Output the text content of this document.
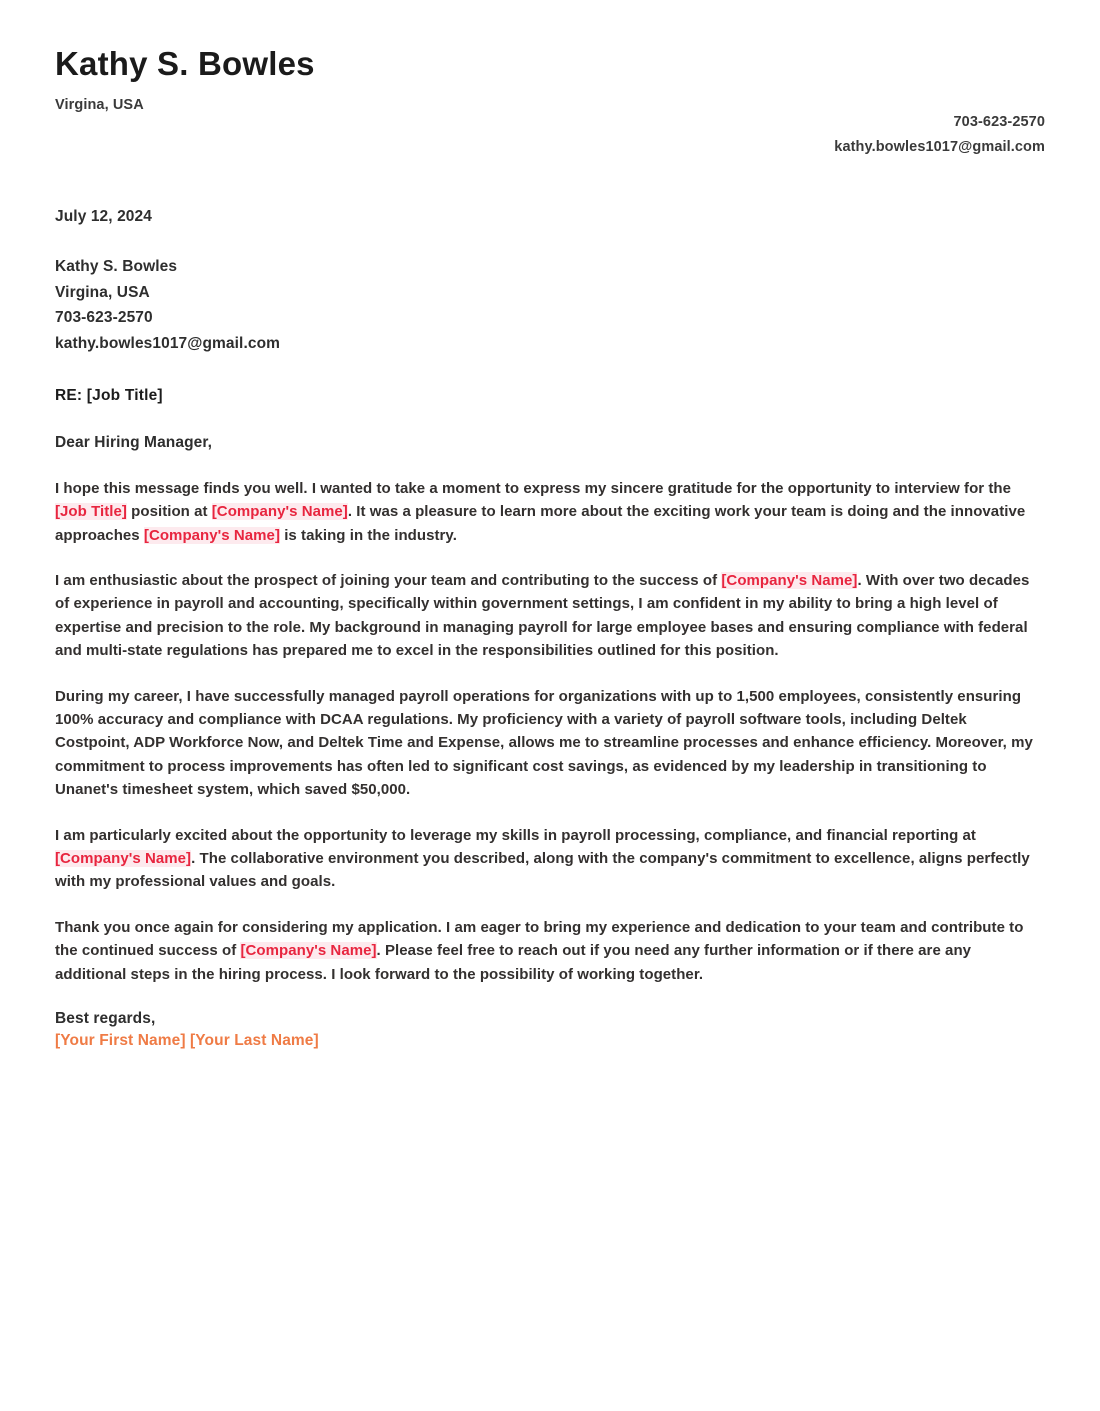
Kathy S. Bowles
Virgina, USA
703-623-2570
kathy.bowles1017@gmail.com
July 12, 2024
Kathy S. Bowles
Virgina, USA
703-623-2570
kathy.bowles1017@gmail.com
RE: [Job Title]
Dear Hiring Manager,

I hope this message finds you well. I wanted to take a moment to express my sincere gratitude for the opportunity to interview for the [Job Title] position at [Company's Name]. It was a pleasure to learn more about the exciting work your team is doing and the innovative approaches [Company's Name] is taking in the industry.

I am enthusiastic about the prospect of joining your team and contributing to the success of [Company's Name]. With over two decades of experience in payroll and accounting, specifically within government settings, I am confident in my ability to bring a high level of expertise and precision to the role. My background in managing payroll for large employee bases and ensuring compliance with federal and multi-state regulations has prepared me to excel in the responsibilities outlined for this position.

During my career, I have successfully managed payroll operations for organizations with up to 1,500 employees, consistently ensuring 100% accuracy and compliance with DCAA regulations. My proficiency with a variety of payroll software tools, including Deltek Costpoint, ADP Workforce Now, and Deltek Time and Expense, allows me to streamline processes and enhance efficiency. Moreover, my commitment to process improvements has often led to significant cost savings, as evidenced by my leadership in transitioning to Unanet's timesheet system, which saved $50,000.

I am particularly excited about the opportunity to leverage my skills in payroll processing, compliance, and financial reporting at [Company's Name]. The collaborative environment you described, along with the company's commitment to excellence, aligns perfectly with my professional values and goals.

Thank you once again for considering my application. I am eager to bring my experience and dedication to your team and contribute to the continued success of [Company's Name]. Please feel free to reach out if you need any further information or if there are any additional steps in the hiring process. I look forward to the possibility of working together.

Best regards,
[Your First Name] [Your Last Name]
